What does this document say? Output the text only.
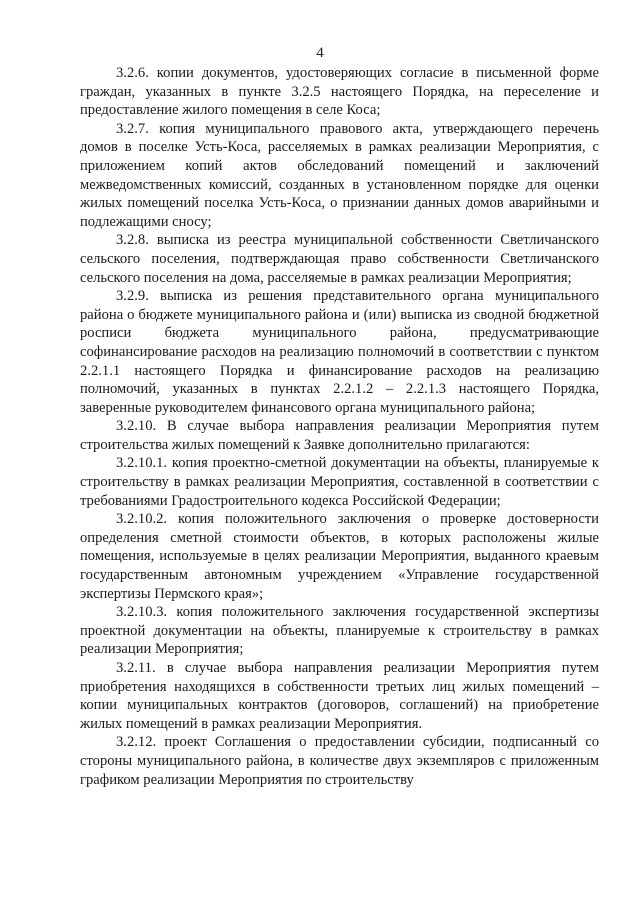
4

3.2.6. копии документов, удостоверяющих согласие в письменной форме граждан, указанных в пункте 3.2.5 настоящего Порядка, на переселение и предоставление жилого помещения в селе Коса;

3.2.7. копия муниципального правового акта, утверждающего перечень домов в поселке Усть-Коса, расселяемых в рамках реализации Мероприятия, с приложением копий актов обследований помещений и заключений межведомственных комиссий, созданных в установленном порядке для оценки жилых помещений поселка Усть-Коса, о признании данных домов аварийными и подлежащими сносу;

3.2.8. выписка из реестра муниципальной собственности Светличанского сельского поселения, подтверждающая право собственности Светличанского сельского поселения на дома, расселяемые в рамках реализации Мероприятия;

3.2.9. выписка из решения представительного органа муниципального района о бюджете муниципального района и (или) выписка из сводной бюджетной росписи бюджета муниципального района, предусматривающие софинансирование расходов на реализацию полномочий в соответствии с пунктом 2.2.1.1 настоящего Порядка и финансирование расходов на реализацию полномочий, указанных в пунктах 2.2.1.2 – 2.2.1.3 настоящего Порядка, заверенные руководителем финансового органа муниципального района;

3.2.10. В случае выбора направления реализации Мероприятия путем строительства жилых помещений к Заявке дополнительно прилагаются:

3.2.10.1. копия проектно-сметной документации на объекты, планируемые к строительству в рамках реализации Мероприятия, составленной в соответствии с требованиями Градостроительного кодекса Российской Федерации;

3.2.10.2. копия положительного заключения о проверке достоверности определения сметной стоимости объектов, в которых расположены жилые помещения, используемые в целях реализации Мероприятия, выданного краевым государственным автономным учреждением «Управление государственной экспертизы Пермского края»;

3.2.10.3. копия положительного заключения государственной экспертизы проектной документации на объекты, планируемые к строительству в рамках реализации Мероприятия;

3.2.11. в случае выбора направления реализации Мероприятия путем приобретения находящихся в собственности третьих лиц жилых помещений – копии муниципальных контрактов (договоров, соглашений) на приобретение жилых помещений в рамках реализации Мероприятия.

3.2.12. проект Соглашения о предоставлении субсидии, подписанный со стороны муниципального района, в количестве двух экземпляров с приложенным графиком реализации Мероприятия по строительству
